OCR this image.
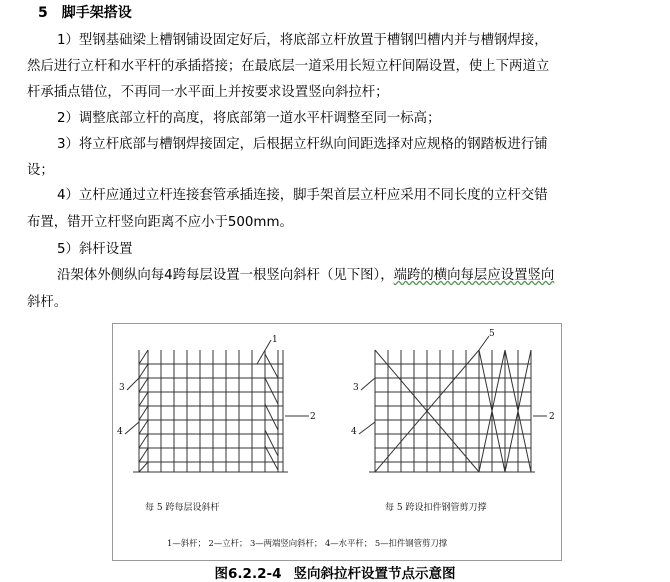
5 脚手架搭设
1）型钢基础梁上槽钢铺设固定好后，将底部立杆放置于槽钢凹槽内并与槽钢焊接，
然后进行立杆和水平杆的承插搭接；在最底层一道采用长短立杆间隔设置，使上下两道立
杆承插点错位，不再同一水平面上并按要求设置竖向斜拉杆；
2）调整底部立杆的高度，将底部第一道水平杆调整至同一标高；
3）将立杆底部与槽钢焊接固定，后根据立杆纵向间距选择对应规格的钢踏板进行铺
设；
4）立杆应通过立杆连接套管承插连接，脚手架首层立杆应采用不同长度的立杆交错
布置，错开立杆竖向距离不应小于500mm。
5）斜杆设置
沿架体外侧纵向每4跨每层设置一根竖向斜杆（见下图），端跨的横向每层应设置竖向
斜杆。
3
4
1
2
3
4
5
2
每 5 跨每层设斜杆	每 5 跨设扣件钢管剪刀撑
1—斜杆； 2—立杆； 3—两端竖向斜杆； 4—水平杆； 5—扣件钢管剪刀撑
图6.2.2-4 竖向斜拉杆设置节点示意图
